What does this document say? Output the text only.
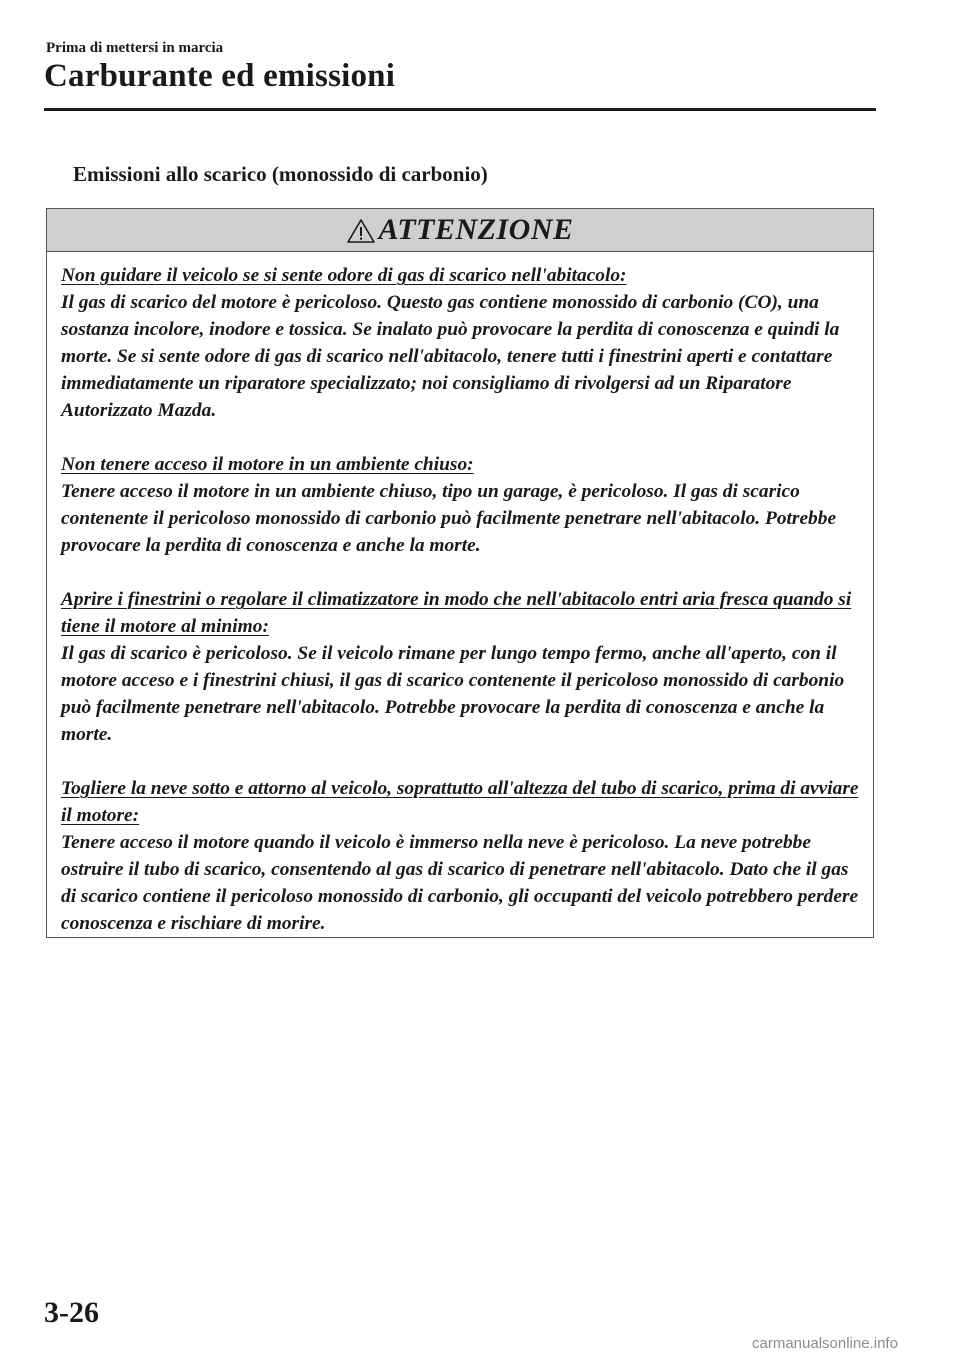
Prima di mettersi in marcia
Carburante ed emissioni
Emissioni allo scarico (monossido di carbonio)
ATTENZIONE
Non guidare il veicolo se si sente odore di gas di scarico nell'abitacolo:
Il gas di scarico del motore è pericoloso. Questo gas contiene monossido di carbonio (CO), una sostanza incolore, inodore e tossica. Se inalato può provocare la perdita di conoscenza e quindi la morte. Se si sente odore di gas di scarico nell'abitacolo, tenere tutti i finestrini aperti e contattare immediatamente un riparatore specializzato; noi consigliamo di rivolgersi ad un Riparatore Autorizzato Mazda.
Non tenere acceso il motore in un ambiente chiuso:
Tenere acceso il motore in un ambiente chiuso, tipo un garage, è pericoloso. Il gas di scarico contenente il pericoloso monossido di carbonio può facilmente penetrare nell'abitacolo. Potrebbe provocare la perdita di conoscenza e anche la morte.
Aprire i finestrini o regolare il climatizzatore in modo che nell'abitacolo entri aria fresca quando si tiene il motore al minimo:
Il gas di scarico è pericoloso. Se il veicolo rimane per lungo tempo fermo, anche all'aperto, con il motore acceso e i finestrini chiusi, il gas di scarico contenente il pericoloso monossido di carbonio può facilmente penetrare nell'abitacolo. Potrebbe provocare la perdita di conoscenza e anche la morte.
Togliere la neve sotto e attorno al veicolo, soprattutto all'altezza del tubo di scarico, prima di avviare il motore:
Tenere acceso il motore quando il veicolo è immerso nella neve è pericoloso. La neve potrebbe ostruire il tubo di scarico, consentendo al gas di scarico di penetrare nell'abitacolo. Dato che il gas di scarico contiene il pericoloso monossido di carbonio, gli occupanti del veicolo potrebbero perdere conoscenza e rischiare di morire.
3-26
carmanualsonline.info
